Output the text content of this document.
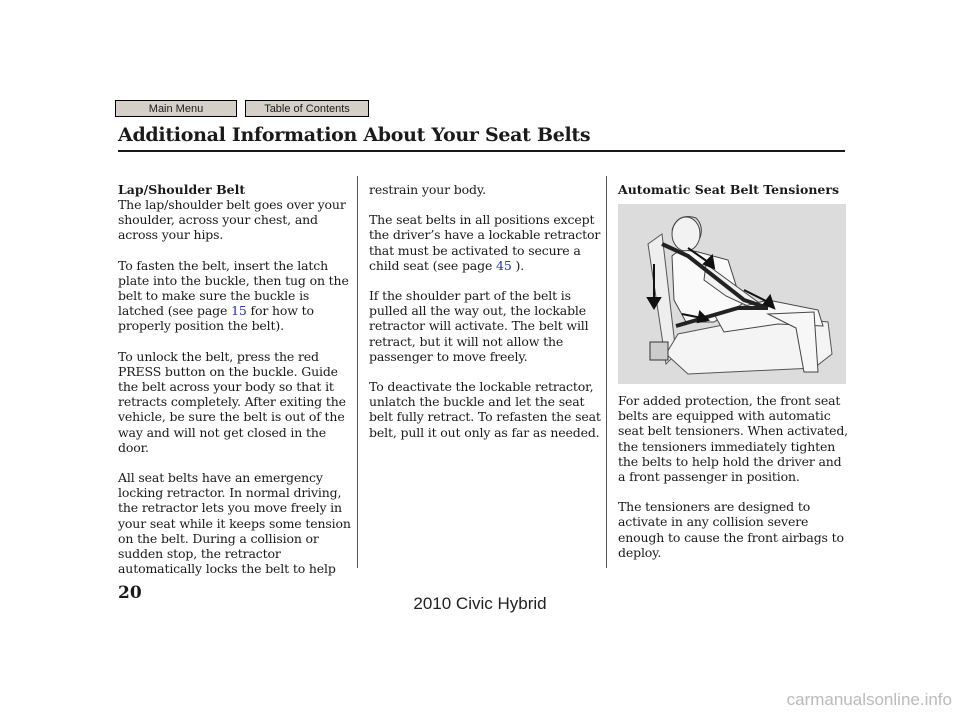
Main Menu	Table of Contents
Additional Information About Your Seat Belts
Lap/Shoulder Belt

The lap/shoulder belt goes over your shoulder, across your chest, and across your hips.

To fasten the belt, insert the latch plate into the buckle, then tug on the belt to make sure the buckle is latched (see page 15 for how to properly position the belt).

To unlock the belt, press the red PRESS button on the buckle. Guide the belt across your body so that it retracts completely. After exiting the vehicle, be sure the belt is out of the way and will not get closed in the door.

All seat belts have an emergency locking retractor. In normal driving, the retractor lets you move freely in your seat while it keeps some tension on the belt. During a collision or sudden stop, the retractor automatically locks the belt to help

restrain your body.

The seat belts in all positions except the driver’s have a lockable retractor that must be activated to secure a child seat (see page 45 ).

If the shoulder part of the belt is pulled all the way out, the lockable retractor will activate. The belt will retract, but it will not allow the passenger to move freely.

To deactivate the lockable retractor, unlatch the buckle and let the seat belt fully retract. To refasten the seat belt, pull it out only as far as needed.

Automatic Seat Belt Tensioners

For added protection, the front seat belts are equipped with automatic seat belt tensioners. When activated, the tensioners immediately tighten the belts to help hold the driver and a front passenger in position.

The tensioners are designed to activate in any collision severe enough to cause the front airbags to deploy.

20
2010 Civic Hybrid
carmanualsonline.info
